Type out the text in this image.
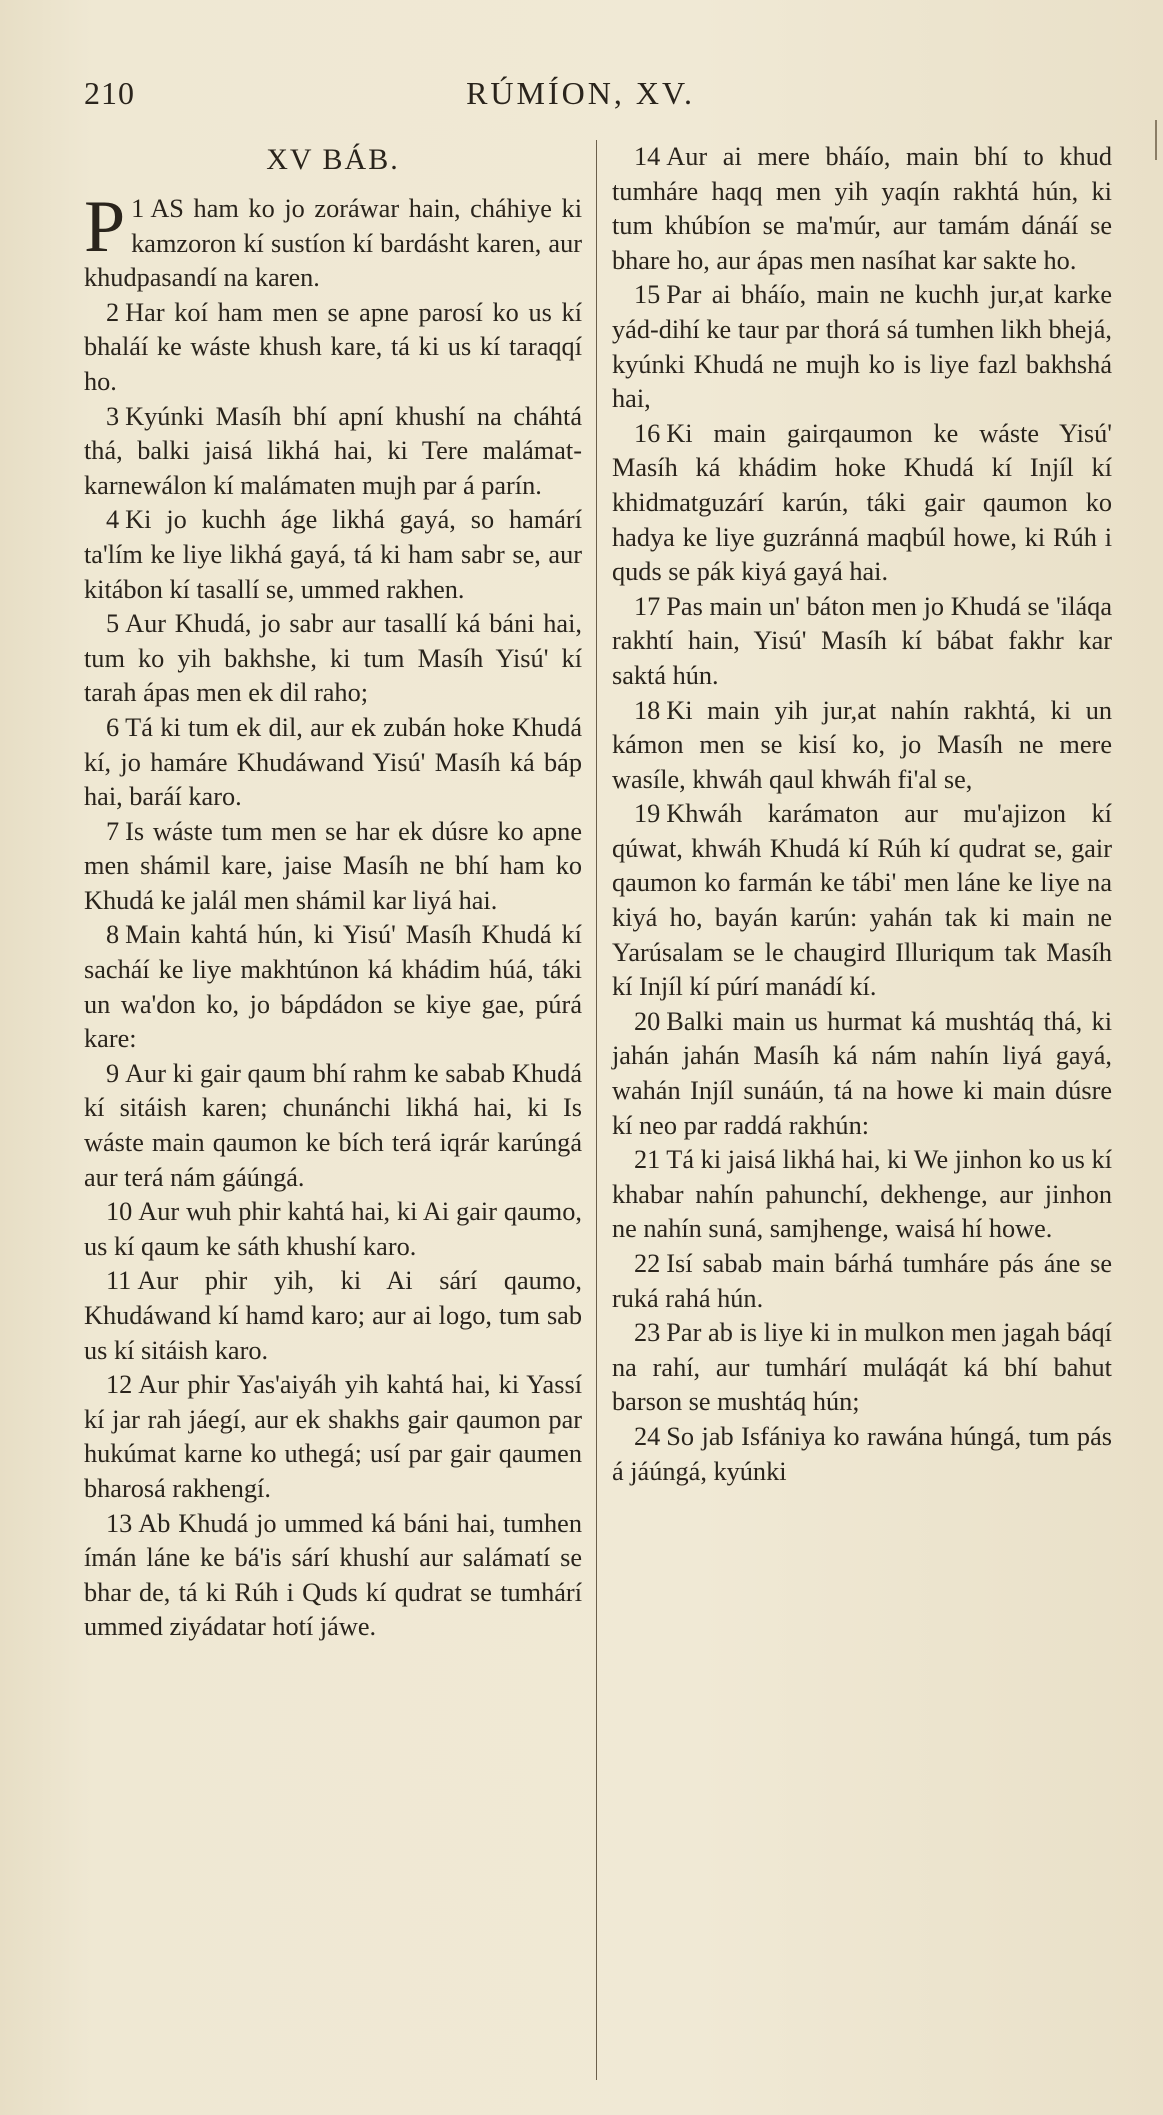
210	RÚMÍON, XV.
XV BÁB.

1
P AS ham ko jo zoráwar hain, cháhiye ki kamzoron kí sustíon kí bardásht karen, aur khudpasandí na karen.

2 Har koí ham men se apne parosí ko us kí bhaláí ke wáste khush kare, tá ki us kí taraqqí ho.

3 Kyúnki Masíh bhí apní khushí na cháhtá thá, balki jaisá likhá hai, ki Tere malámat-karnewálon kí malámaten mujh par á parín.

4 Ki jo kuchh áge likhá gayá, so hamárí ta'lím ke liye likhá gayá, tá ki ham sabr se, aur kitábon kí tasallí se, ummed rakhen.

5 Aur Khudá, jo sabr aur tasallí ká báni hai, tum ko yih bakhshe, ki tum Masíh Yisú' kí tarah ápas men ek dil raho;

6 Tá ki tum ek dil, aur ek zubán hoke Khudá kí, jo hamáre Khudáwand Yisú' Masíh ká báp hai, baráí karo.

7 Is wáste tum men se har ek dúsre ko apne men shámil kare, jaise Masíh ne bhí ham ko Khudá ke jalál men shámil kar liyá hai.

8 Main kahtá hún, ki Yisú' Masíh Khudá kí sacháí ke liye makhtúnon ká khádim húá, táki un wa'don ko, jo bápdádon se kiye gae, púrá kare:

9 Aur ki gair qaum bhí rahm ke sabab Khudá kí sitáish karen; chunánchi likhá hai, ki Is wáste main qaumon ke bích terá iqrár karúngá aur terá nám gáúngá.

10 Aur wuh phir kahtá hai, ki Ai gair qaumo, us kí qaum ke sáth khushí karo.

11 Aur phir yih, ki Ai sárí qaumo, Khudáwand kí hamd karo; aur ai logo, tum sab us kí sitáish karo.

12 Aur phir Yas'aiyáh yih kahtá hai, ki Yassí kí jar rah jáegí, aur ek shakhs gair qaumon par hukúmat karne ko uthegá; usí par gair qaumen bharosá rakhengí.

13 Ab Khudá jo ummed ká báni hai, tumhen ímán láne ke bá'is sárí khushí aur salámatí se bhar de, tá ki Rúh i Quds kí qudrat se tumhárí ummed ziyádatar hotí jáwe.

14 Aur ai mere bháío, main bhí to khud tumháre haqq men yih yaqín rakhtá hún, ki tum khúbíon se ma'múr, aur tamám dánáí se bhare ho, aur ápas men nasíhat kar sakte ho.

15 Par ai bháío, main ne kuchh jur,at karke yád-dihí ke taur par thorá sá tumhen likh bhejá, kyúnki Khudá ne mujh ko is liye fazl bakhshá hai,

16 Ki main gairqaumon ke wáste Yisú' Masíh ká khádim hoke Khudá kí Injíl kí khidmatguzárí karún, táki gair qaumon ko hadya ke liye guzránná maqbúl howe, ki Rúh i quds se pák kiyá gayá hai.

17 Pas main un' báton men jo Khudá se 'iláqa rakhtí hain, Yisú' Masíh kí bábat fakhr kar saktá hún.

18 Ki main yih jur,at nahín rakhtá, ki un kámon men se kisí ko, jo Masíh ne mere wasíle, khwáh qaul khwáh fi'al se,

19 Khwáh karámaton aur mu'ajizon kí qúwat, khwáh Khudá kí Rúh kí qudrat se, gair qaumon ko farmán ke tábi' men láne ke liye na kiyá ho, bayán karún: yahán tak ki main ne Yarúsalam se le chaugird Illuriqum tak Masíh kí Injíl kí púrí manádí kí.

20 Balki main us hurmat ká mushtáq thá, ki jahán jahán Masíh ká nám nahín liyá gayá, wahán Injíl sunáún, tá na howe ki main dúsre kí neo par raddá rakhún:

21 Tá ki jaisá likhá hai, ki We jinhon ko us kí khabar nahín pahunchí, dekhenge, aur jinhon ne nahín suná, samjhenge, waisá hí howe.

22 Isí sabab main bárhá tumháre pás áne se ruká rahá hún.

23 Par ab is liye ki in mulkon men jagah báqí na rahí, aur tumhárí muláqát ká bhí bahut barson se mushtáq hún;

24 So jab Isfániya ko rawána húngá, tum pás á jáúngá, kyúnki
